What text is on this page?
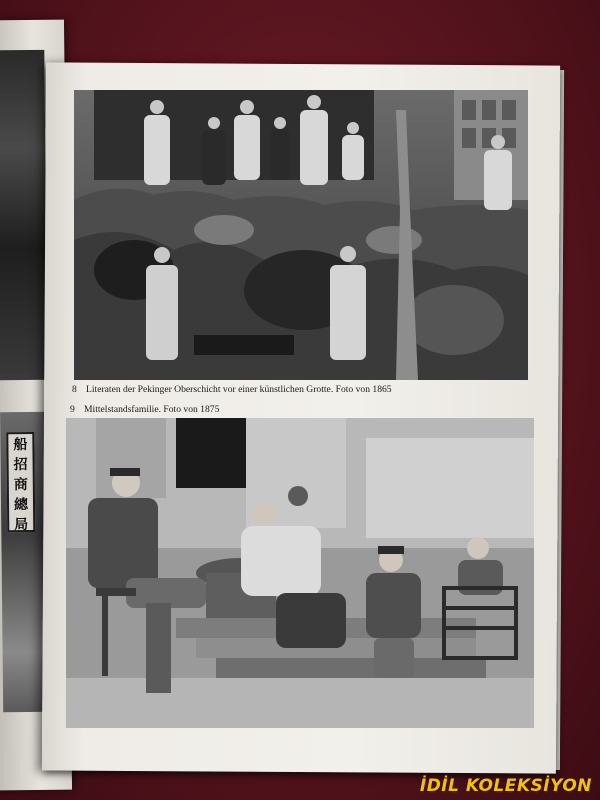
船
招
商
總
局
8 Literaten der Pekinger Oberschicht vor einer künstlichen Grotte. Foto von 1865
9 Mittelstandsfamilie. Foto von 1875
İDİL KOLEKSİYON
